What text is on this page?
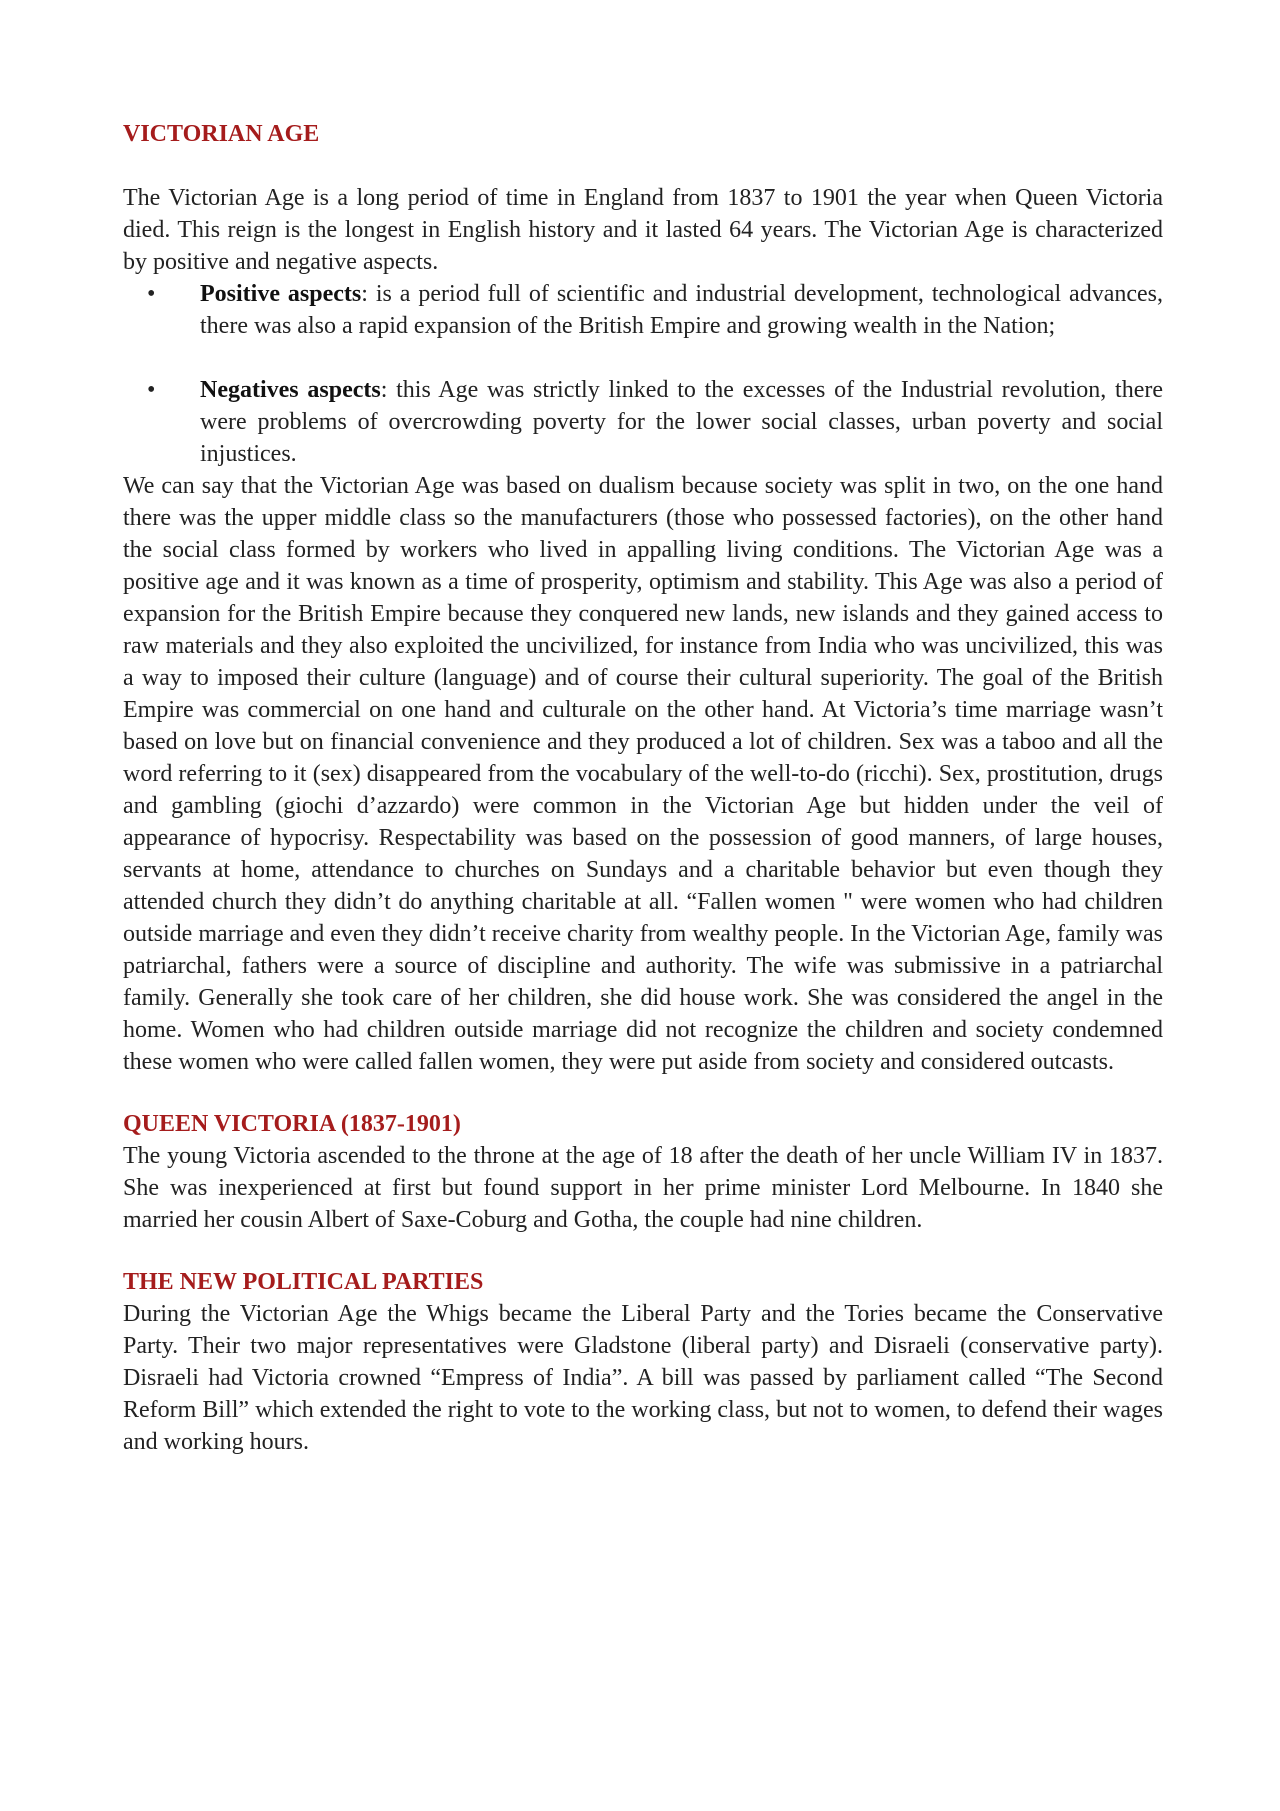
VICTORIAN AGE

The Victorian Age is a long period of time in England from 1837 to 1901 the year when Queen Victoria died. This reign is the longest in English history and it lasted 64 years. The Victorian Age is characterized by positive and negative aspects.

• Positive aspects: is a period full of scientific and industrial development, technological advances, there was also a rapid expansion of the British Empire and growing wealth in the Nation;
• Negatives aspects: this Age was strictly linked to the excesses of the Industrial revolution, there were problems of overcrowding poverty for the lower social classes, urban poverty and social injustices.

We can say that the Victorian Age was based on dualism because society was split in two, on the one hand there was the upper middle class so the manufacturers (those who possessed factories), on the other hand the social class formed by workers who lived in appalling living conditions. The Victorian Age was a positive age and it was known as a time of prosperity, optimism and stability. This Age was also a period of expansion for the British Empire because they conquered new lands, new islands and they gained access to raw materials and they also exploited the uncivilized, for instance from India who was uncivilized, this was a way to imposed their culture (language) and of course their cultural superiority. The goal of the British Empire was commercial on one hand and culturale on the other hand. At Victoria’s time marriage wasn’t based on love but on financial convenience and they produced a lot of children. Sex was a taboo and all the word referring to it (sex) disappeared from the vocabulary of the well-to-do (ricchi). Sex, prostitution, drugs and gambling (giochi d’azzardo) were common in the Victorian Age but hidden under the veil of appearance of hypocrisy. Respectability was based on the possession of good manners, of large houses, servants at home, attendance to churches on Sundays and a charitable behavior but even though they attended church they didn’t do anything charitable at all. “Fallen women " were women who had children outside marriage and even they didn’t receive charity from wealthy people. In the Victorian Age, family was patriarchal, fathers were a source of discipline and authority. The wife was submissive in a patriarchal family. Generally she took care of her children, she did house work. She was considered the angel in the home. Women who had children outside marriage did not recognize the children and society condemned these women who were called fallen women, they were put aside from society and considered outcasts.

QUEEN VICTORIA (1837-1901)

The young Victoria ascended to the throne at the age of 18 after the death of her uncle William IV in 1837. She was inexperienced at first but found support in her prime minister Lord Melbourne. In 1840 she married her cousin Albert of Saxe-Coburg and Gotha, the couple had nine children.

THE NEW POLITICAL PARTIES

During the Victorian Age the Whigs became the Liberal Party and the Tories became the Conservative Party. Their two major representatives were Gladstone (liberal party) and Disraeli (conservative party). Disraeli had Victoria crowned “Empress of India”. A bill was passed by parliament called “The Second Reform Bill” which extended the right to vote to the working class, but not to women, to defend their wages and working hours.
